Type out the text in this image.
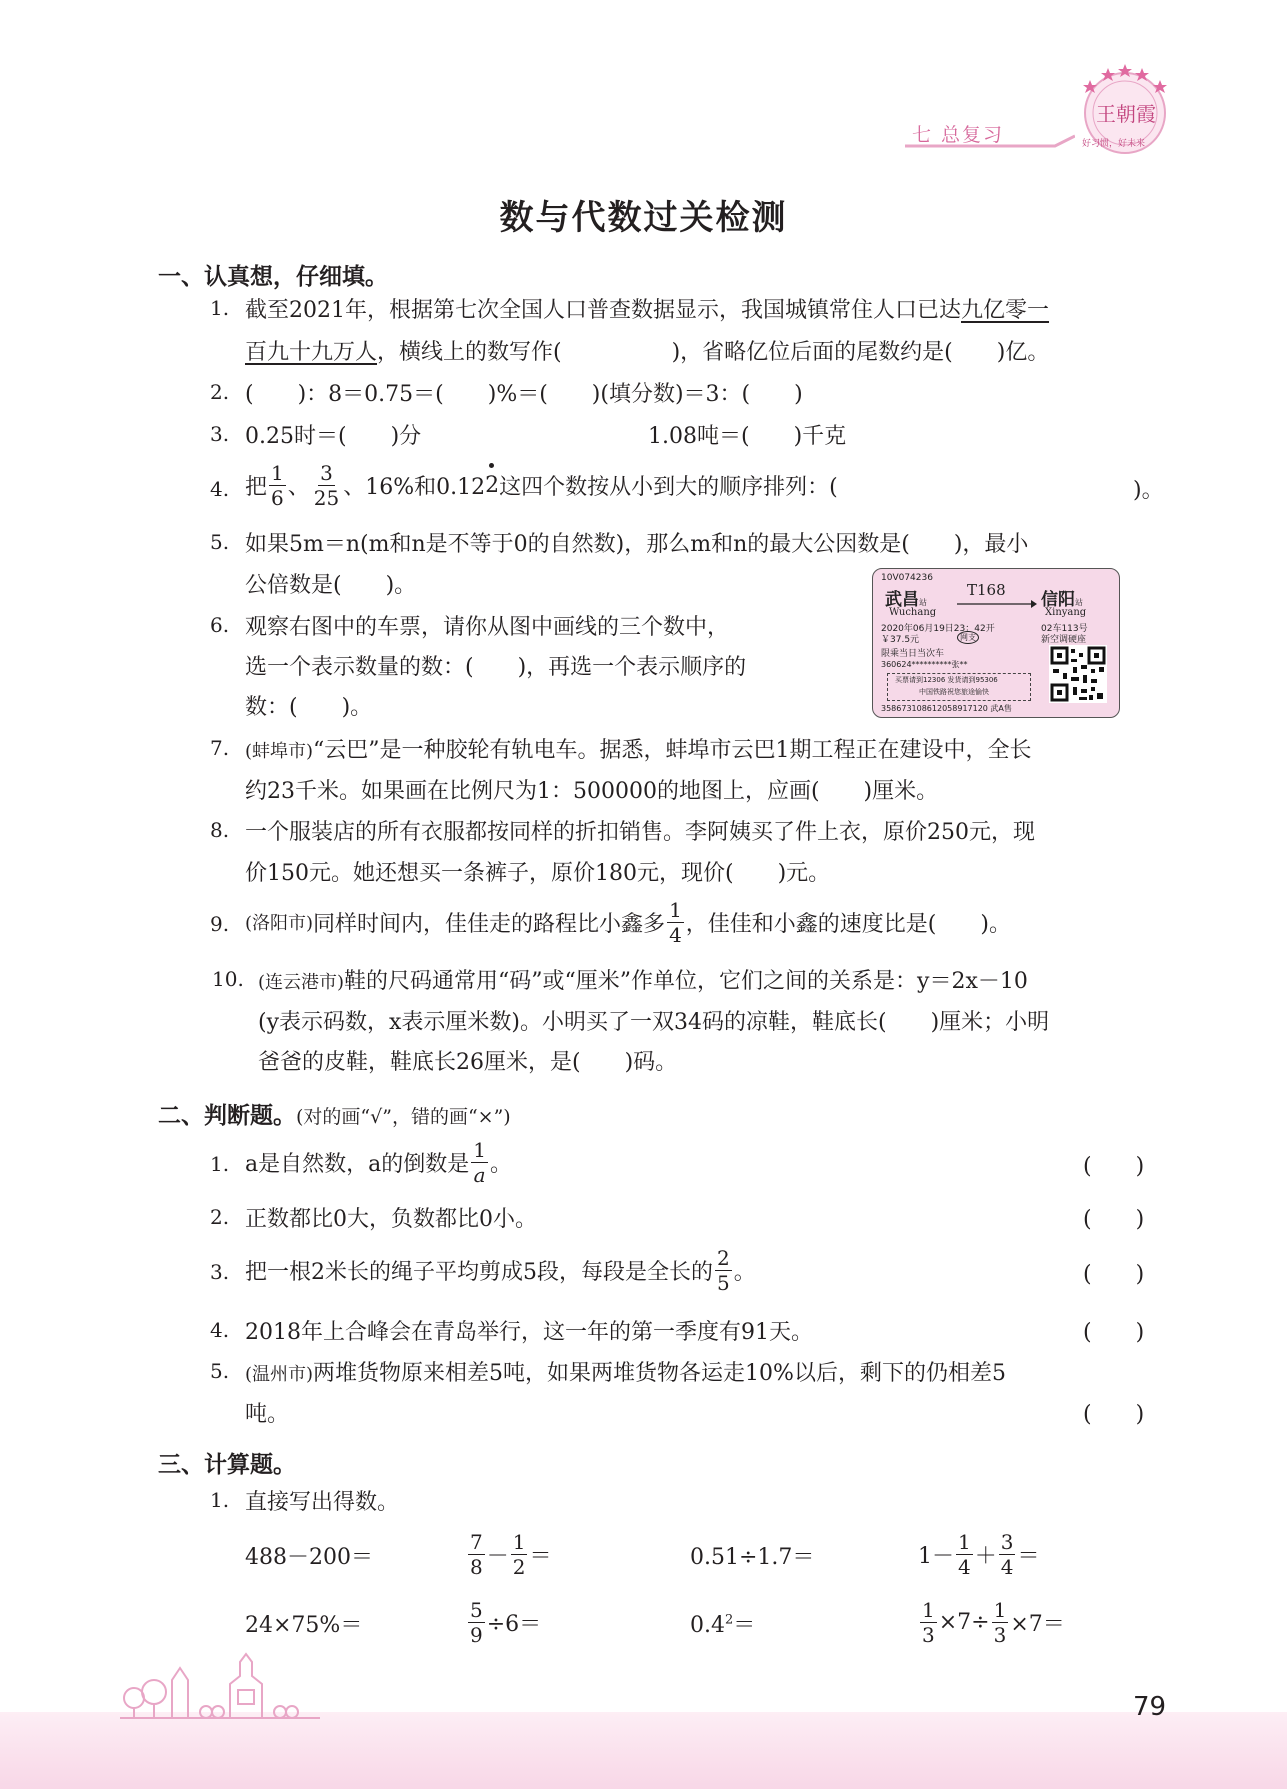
七 总复习
王朝霞
好习惯，好未来
数与代数过关检测
一、认真想，仔细填。
1. 截至2021年，根据第七次全国人口普查数据显示，我国城镇常住人口已达九亿零一
百九十九万人，横线上的数写作(　　　　　)，省略亿位后面的尾数约是(　　)亿。
2. (　　)：8＝0.75＝(　　)%＝(　　)(填分数)＝3：(　　)
3. 0.25时＝(　　)分	1.08吨＝(　　)千克
4. 把 $\frac{1}{6}$ 、 $\frac{3}{25}$ 、16%和0.12 2 这四个数按从小到大的顺序排列：(	)。
5. 如果5m＝n(m和n是不等于0的自然数)，那么m和n的最大公因数是(　　)，最小
公倍数是(　　)。
6. 观察右图中的车票，请你从图中画线的三个数中，
选一个表示数量的数：(　　)，再选一个表示顺序的
数：(　　)。
10V074236
武昌站
Wuchang
T168 信阳站
Xinyang
2020年06月19日23：42开
￥37.5元	网支
02车113号
新空调硬座
限乘当日当次车
360624**********张**
买票请到12306 发货请到95306
中国铁路祝您旅途愉快
35867310861205891712​0 武A售
7. (蚌埠市)“云巴”是一种胶轮有轨电车。据悉，蚌埠市云巴1期工程正在建设中，全长
约23千米。如果画在比例尺为1：500000的地图上，应画(　　)厘米。
8. 一个服装店的所有衣服都按同样的折扣销售。李阿姨买了件上衣，原价250元，现
价150元。她还想买一条裤子，原价180元，现价(　　)元。
9. (洛阳市) 同样时间内，佳佳走的路程比小鑫多 $\frac{1}{4}$ ，佳佳和小鑫的速度比是(　　)。
10. (连云港市)鞋的尺码通常用“码”或“厘米”作单位，它们之间的关系是：y＝2x－10
(y表示码数，x表示厘米数)。小明买了一双34码的凉鞋，鞋底长(　　)厘米；小明
爸爸的皮鞋，鞋底长26厘米，是(　　)码。
二、判断题。(对的画“√”，错的画“×”)
1. a是自然数，a的倒数是 $\frac{1}{a}$ 。	(　　)
2. 正数都比0大，负数都比0小。	(　　)
3. 把一根2米长的绳子平均剪成5段，每段是全长的 $\frac{2}{5}$ 。	(　　)
4. 2018年上合峰会在青岛举行，这一年的第一季度有91天。	(　　)
5. (温州市)两堆货物原来相差5吨，如果两堆货物各运走10%以后，剩下的仍相差5
吨。	(　　)
三、计算题。
1. 直接写出得数。
488－200＝	$\frac{7}{8} - \frac{1}{2}$ ＝	0.51÷1.7＝	$1- \frac{1}{4} + \frac{3}{4}$ ＝
24×75%＝	$\frac{5}{9} \div 6=$	$0.4^2=$	$\frac{1}{3} \times 7\div \frac{1}{3} \times 7=$
79
